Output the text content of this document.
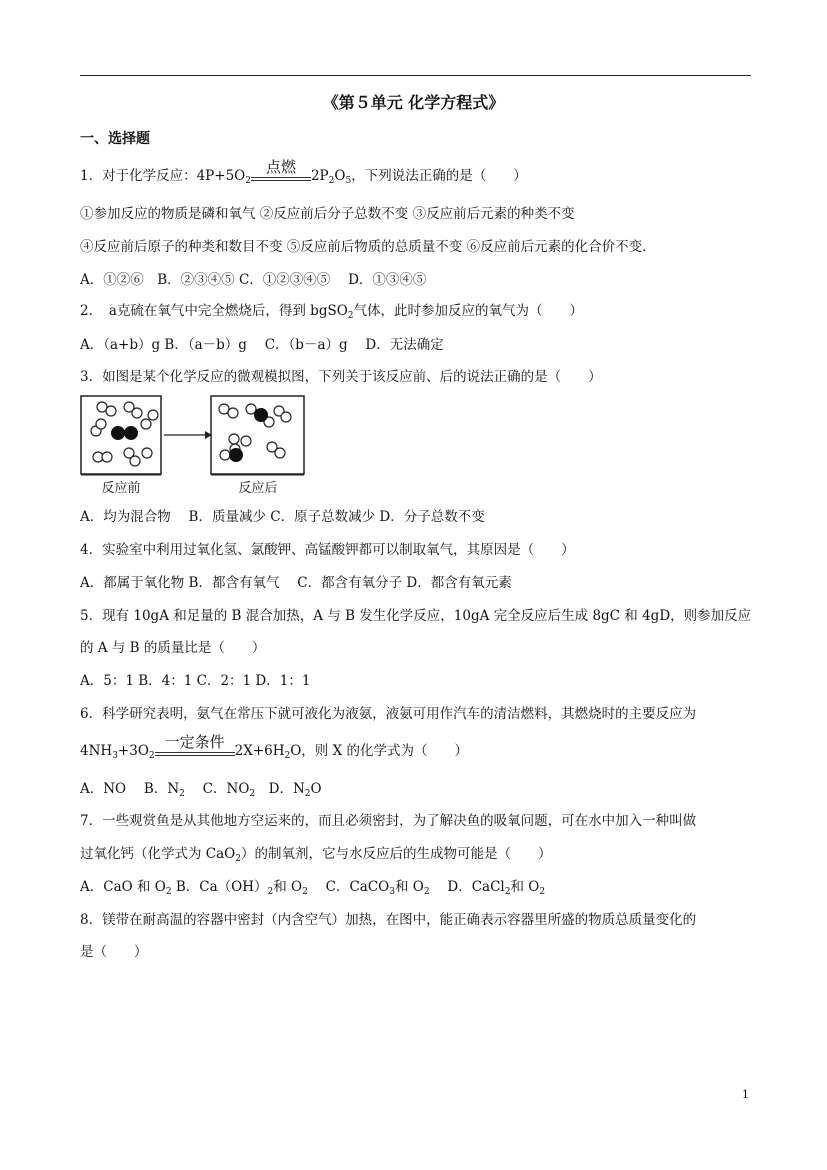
《第５单元 化学方程式》
一、选择题
1．对于化学反应：$4P+5O_2$
点燃
$2P_2O_5$，下列说法正确的是（　　）
①参加反应的物质是磷和氧气 ②反应前后分子总数不变 ③反应前后元素的种类不变
④反应前后原子的种类和数目不变 ⑤反应前后物质的总质量不变 ⑥反应前后元素的化合价不变．
A．①②⑥　B．②③④⑤ C．①②③④⑤　 D．①③④⑤
2．　a克硫在氧气中完全燃烧后，得到 bgSO$_2$气体，此时参加反应的氧气为（　　）
A．（a+b）g B．（a－b）g　 C．（b－a）g　 D．无法确定
3．如图是某个化学反应的微观模拟图，下列关于该反应前、后的说法正确的是（　　）
反应前	反应后
A．均为混合物　 B．质量减少 C．原子总数减少 D．分子总数不变
4．实验室中利用过氧化氢、氯酸钾、高锰酸钾都可以制取氧气，其原因是（　　）
A．都属于氧化物 B．都含有氧气　 C．都含有氧分子 D．都含有氧元素
5．现有 10gA 和足量的 B 混合加热，A 与 B 发生化学反应，10gA 完全反应后生成 8gC 和 4gD，则参加反应
的 A 与 B 的质量比是（　　）
A．5：1 B．4：1 C．2：1 D．1：1
6．科学研究表明，氨气在常压下就可液化为液氨，液氨可用作汽车的清洁燃料，其燃烧时的主要反应为
$4NH_3+3O_2$
一定条件
$2X+6H_2O$，则 X 的化学式为（　　）
A．NO　 B．$N_2$　 C．$NO_2$　D．$N_2O$
7．一些观赏鱼是从其他地方空运来的，而且必须密封，为了解决鱼的吸氧问题，可在水中加入一种叫做
过氧化钙（化学式为 CaO$_2$）的制氧剂，它与水反应后的生成物可能是（　　）
A．CaO 和 $O_2$ B．$Ca(OH)_2$和 $O_2$　 C．CaCO$_3$和 $O_2$　 D．CaCl$_2$和 $O_2$
8．镁带在耐高温的容器中密封（内含空气）加热，在图中，能正确表示容器里所盛的物质总质量变化的
是（　　）
1
